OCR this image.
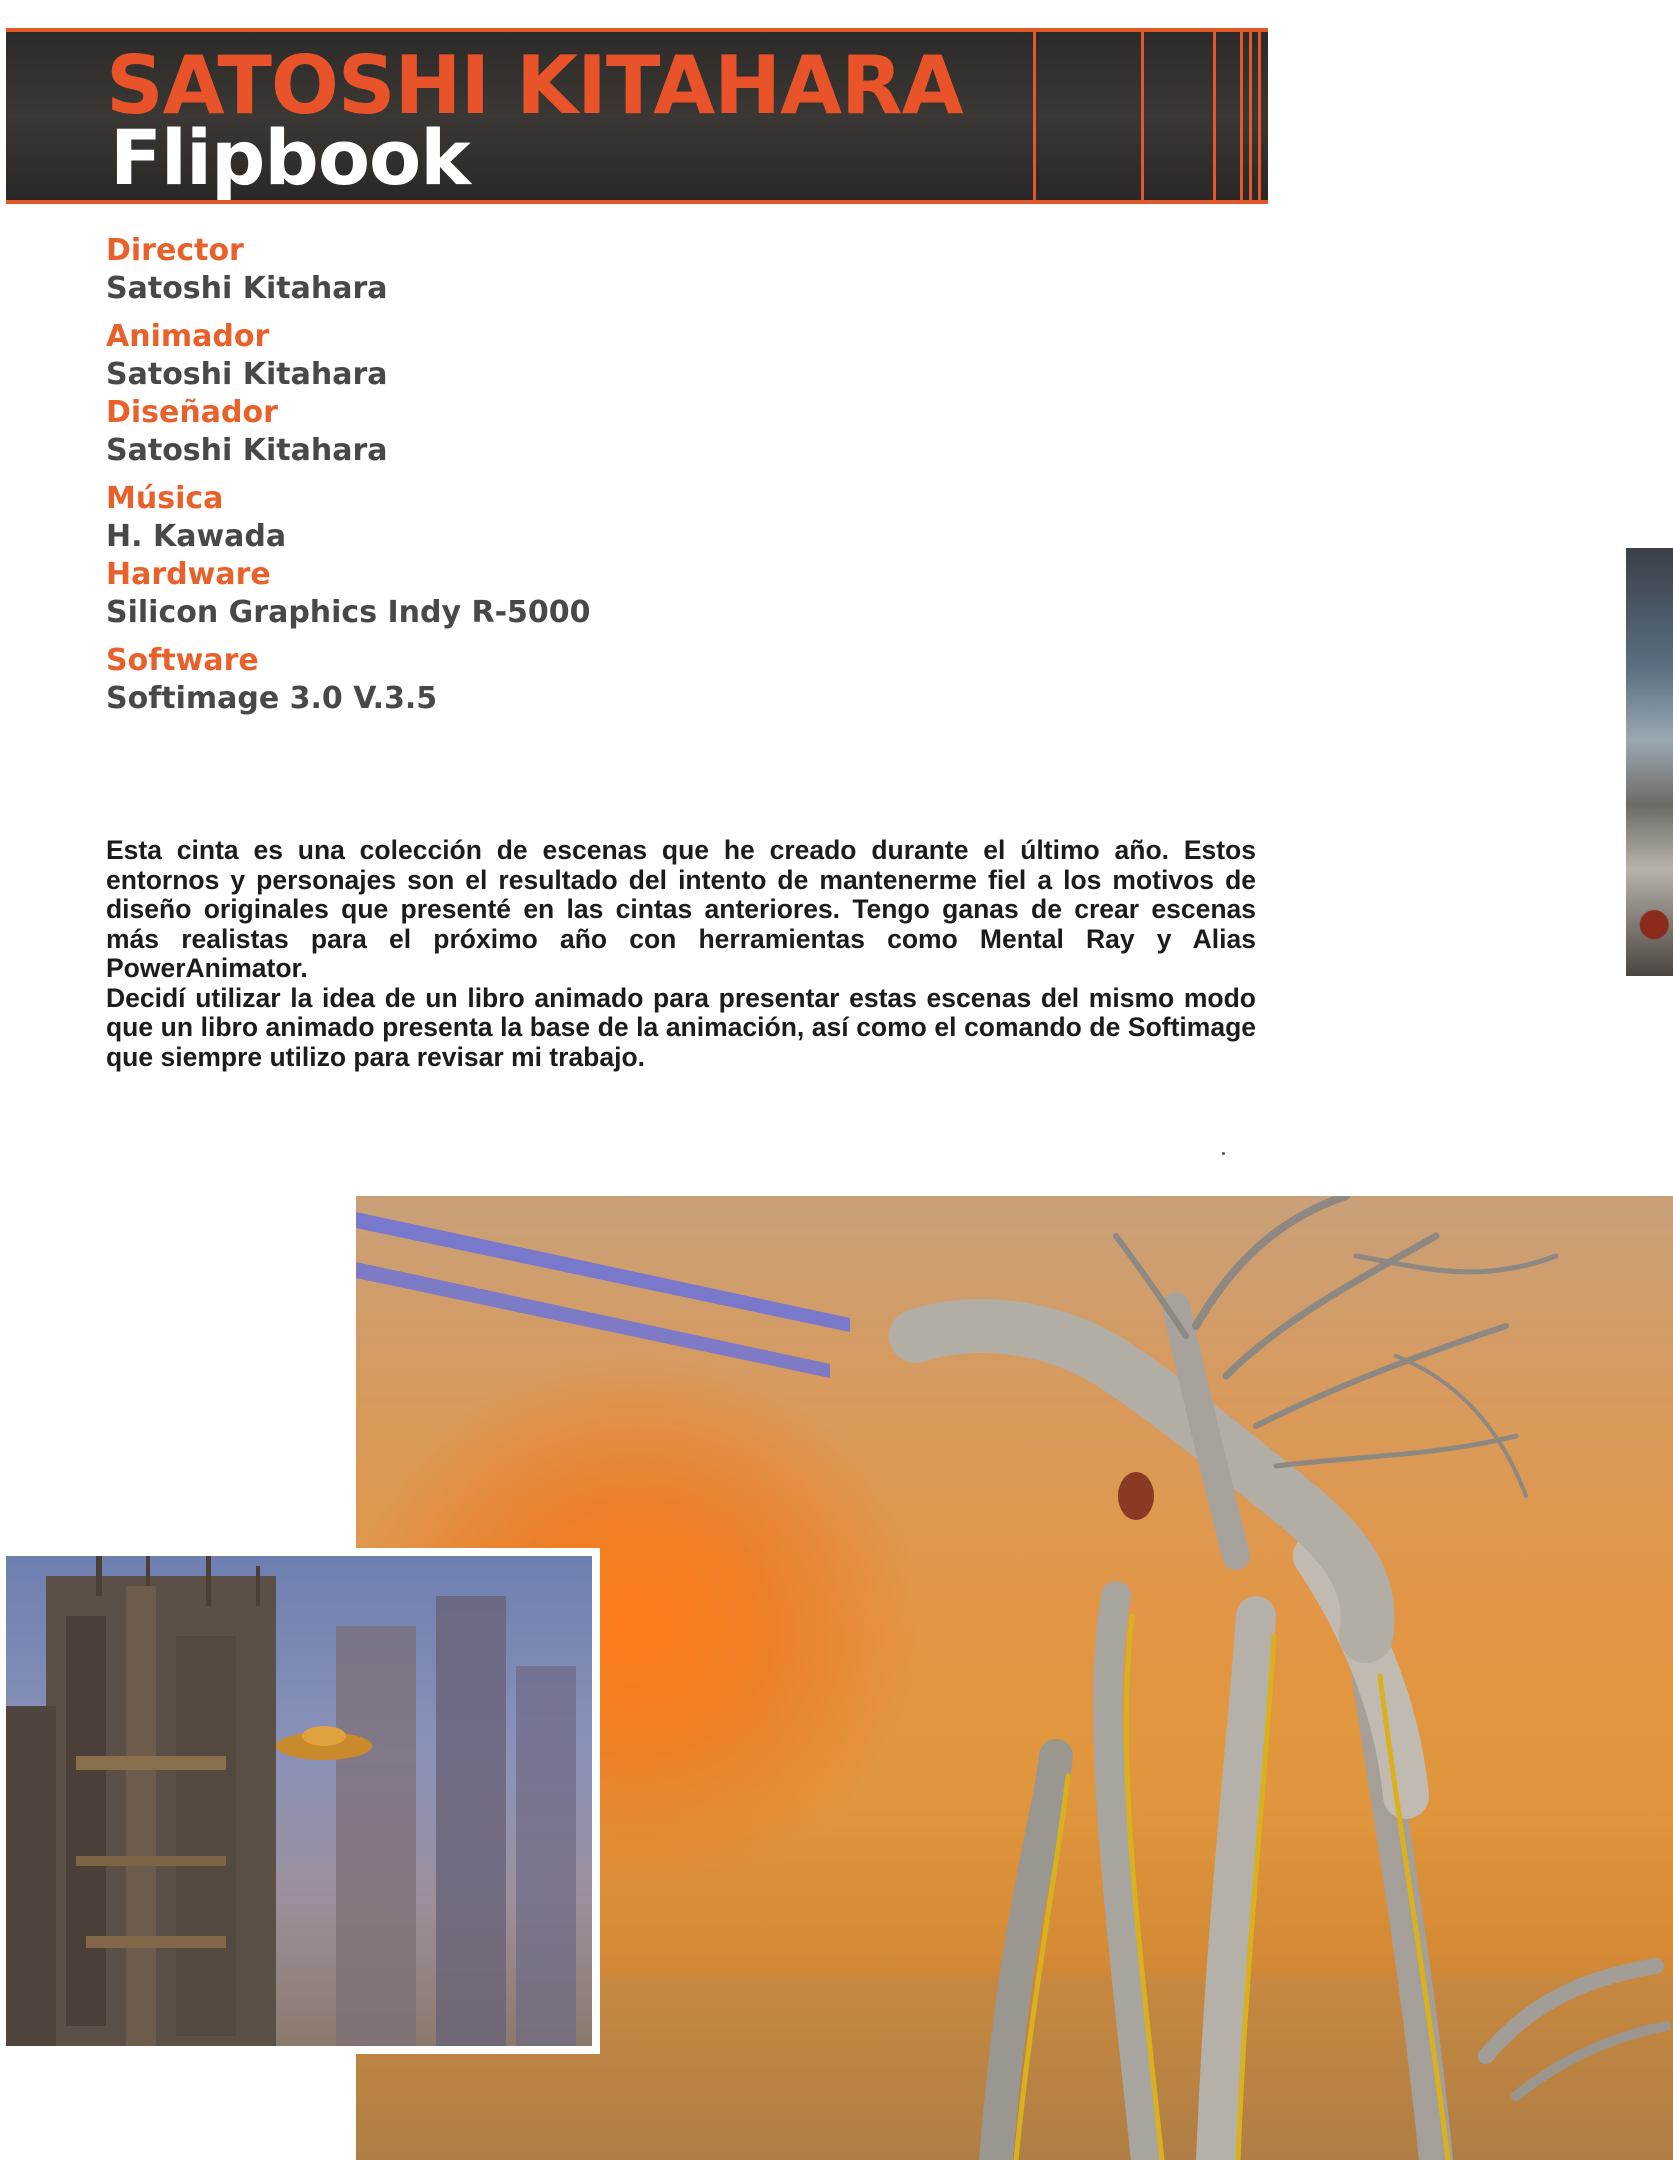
SATOSHI KITAHARA
Flipbook
Director
Satoshi Kitahara
Animador
Satoshi Kitahara
Diseñador
Satoshi Kitahara
Música
H. Kawada
Hardware
Silicon Graphics Indy R-5000
Software
Softimage 3.0 V.3.5

Esta cinta es una colección de escenas que he creado durante el último año. Estos entornos y personajes son el resultado del intento de mantenerme fiel a los motivos de diseño originales que presenté en las cintas anteriores. Tengo ganas de crear escenas más realistas para el próximo año con herramientas como Mental Ray y Alias PowerAnimator.

Decidí utilizar la idea de un libro animado para presentar estas escenas del mismo modo que un libro animado presenta la base de la animación, así como el comando de Softimage que siempre utilizo para revisar mi trabajo.
